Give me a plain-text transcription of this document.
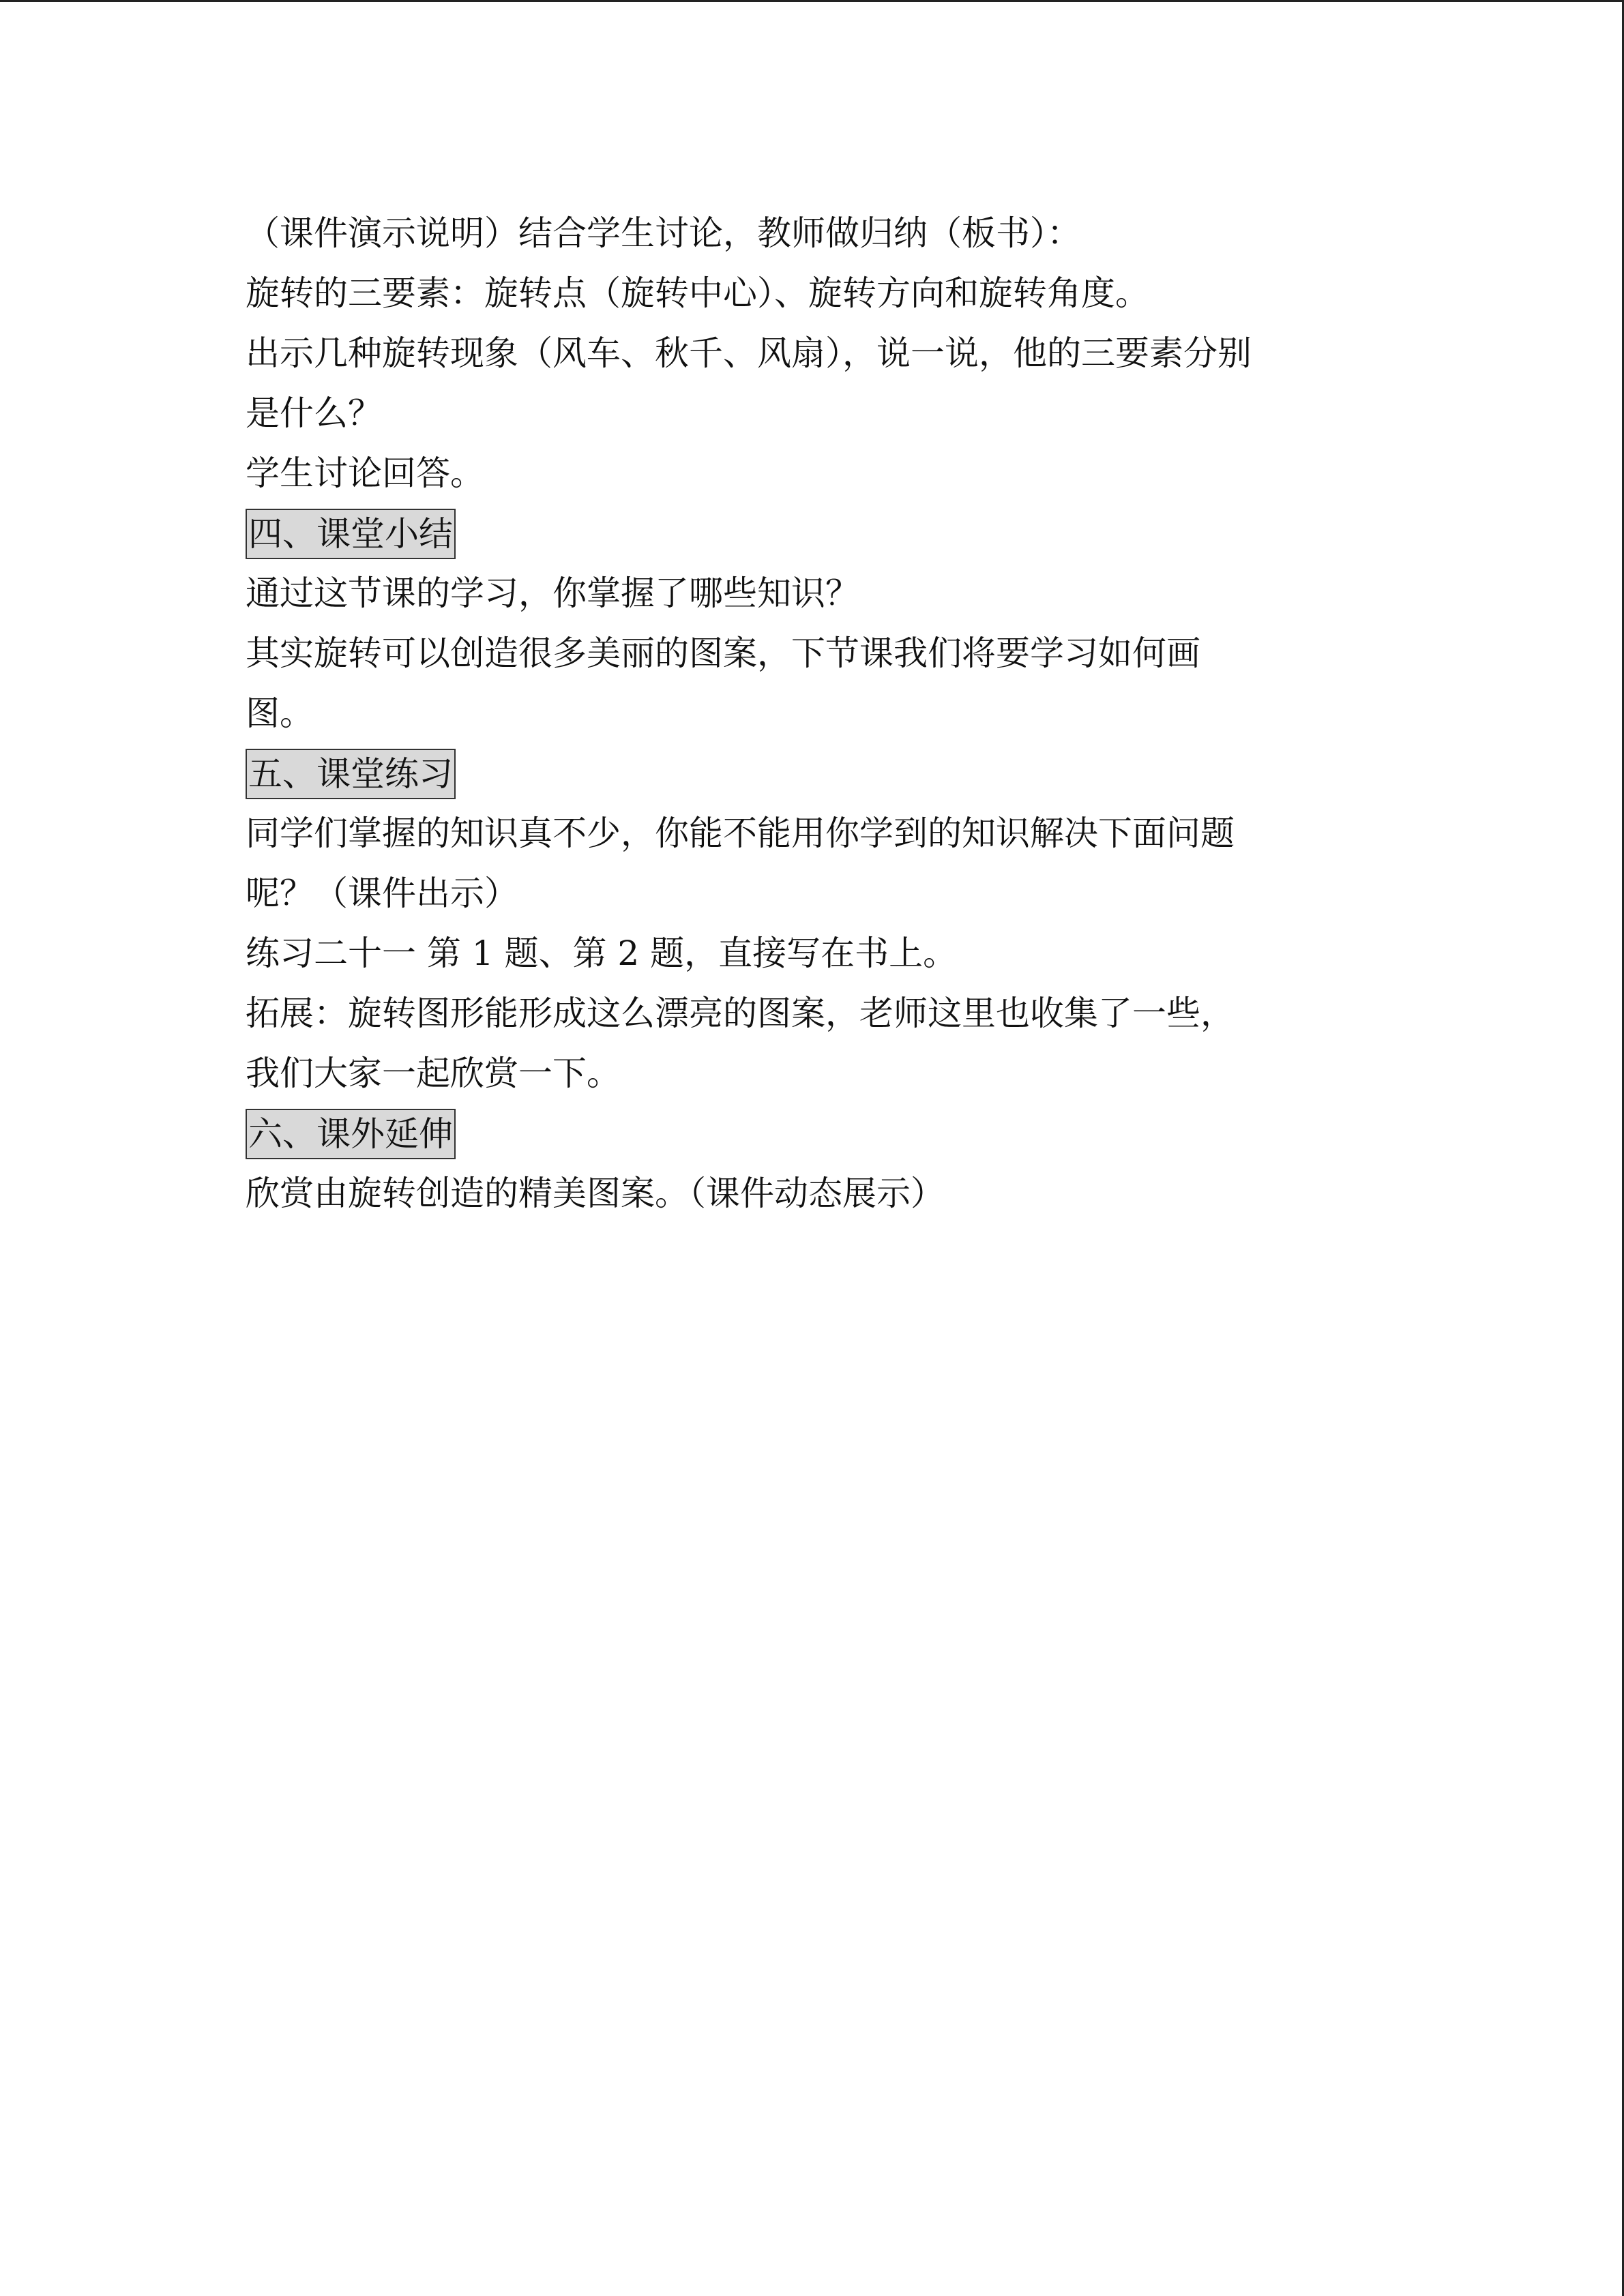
（课件演示说明）结合学生讨论，教师做归纳（板书）：
旋转的三要素：旋转点（旋转中心）、旋转方向和旋转角度。
出示几种旋转现象（风车、秋千、风扇），说一说，他的三要素分别
是什么？
学生讨论回答。
四、课堂小结
通过这节课的学习，你掌握了哪些知识？
其实旋转可以创造很多美丽的图案，下节课我们将要学习如何画
图。
五、课堂练习
同学们掌握的知识真不少，你能不能用你学到的知识解决下面问题
呢？（课件出示）
练习二十一 第 1 题、第 2 题，直接写在书上。
拓展：旋转图形能形成这么漂亮的图案，老师这里也收集了一些，
我们大家一起欣赏一下。
六、课外延伸
欣赏由旋转创造的精美图案。（课件动态展示）
